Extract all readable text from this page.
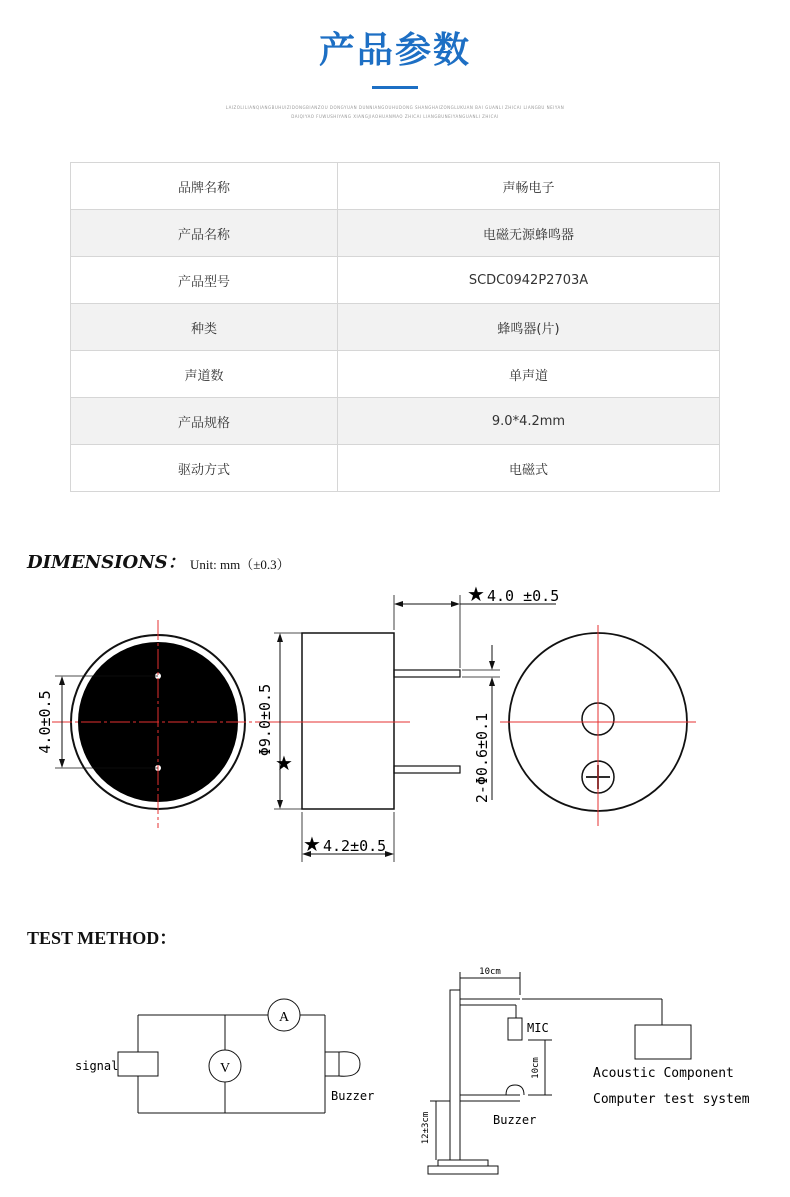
产品参数
LAIZOLILIANQIANGBUHUIZIDONGBIANZOU DONGYUAN DUNNIANGOUHUDONG SHANGHAIZONGLUKUAN BAI GUANLI ZHICAI LIANGBU NEIYAN
DAIQIYAO FUWUSHIYANG XIANGJIAOHUANMAO ZHICAI LIANGBUNEIYANGUANLI ZHICAI
品牌名称	声畅电子
产品名称	电磁无源蜂鸣器
产品型号	SCDC0942P2703A
种类	蜂鸣器(片)
声道数	单声道
产品规格	9.0*4.2mm
驱动方式	电磁式
DIMENSIONS： Unit: mm（±0.3）
4.0±0.5
★
Φ9.0±0.5
★ 4.2±0.5
★ 4.0 ±0.5
2-Φ0.6±0.1
TEST METHOD：
signal	V
A
Buzzer
10cm
MIC
10cm
12±3cm	Buzzer
Acoustic Component
Computer test system
